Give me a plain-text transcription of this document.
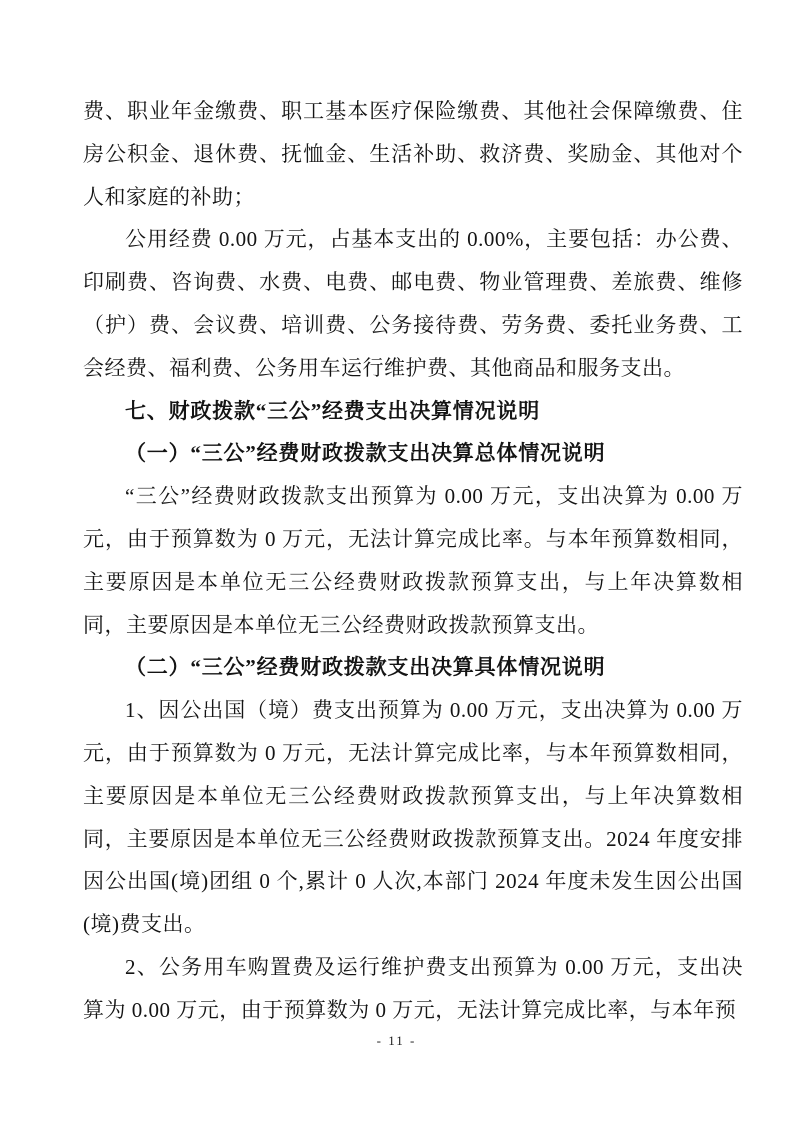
费、职业年金缴费、职工基本医疗保险缴费、其他社会保障缴费、住房公积金、退休费、抚恤金、生活补助、救济费、奖励金、其他对个人和家庭的补助；

公用经费 0.00 万元，占基本支出的 0.00%，主要包括：办公费、印刷费、咨询费、水费、电费、邮电费、物业管理费、差旅费、维修（护）费、会议费、培训费、公务接待费、劳务费、委托业务费、工会经费、福利费、公务用车运行维护费、其他商品和服务支出。

七、财政拨款“三公”经费支出决算情况说明

（一）“三公”经费财政拨款支出决算总体情况说明

“三公”经费财政拨款支出预算为 0.00 万元，支出决算为 0.00 万元，由于预算数为 0 万元，无法计算完成比率。与本年预算数相同，主要原因是本单位无三公经费财政拨款预算支出，与上年决算数相同，主要原因是本单位无三公经费财政拨款预算支出。

（二）“三公”经费财政拨款支出决算具体情况说明

1、因公出国（境）费支出预算为 0.00 万元，支出决算为 0.00 万元，由于预算数为 0 万元，无法计算完成比率，与本年预算数相同，主要原因是本单位无三公经费财政拨款预算支出，与上年决算数相同，主要原因是本单位无三公经费财政拨款预算支出。2024 年度安排因公出国(境)团组 0 个,累计 0 人次,本部门 2024 年度未发生因公出国(境)费支出。

2、公务用车购置费及运行维护费支出预算为 0.00 万元，支出决算为 0.00 万元，由于预算数为 0 万元，无法计算完成比率，与本年预

- 11 -
